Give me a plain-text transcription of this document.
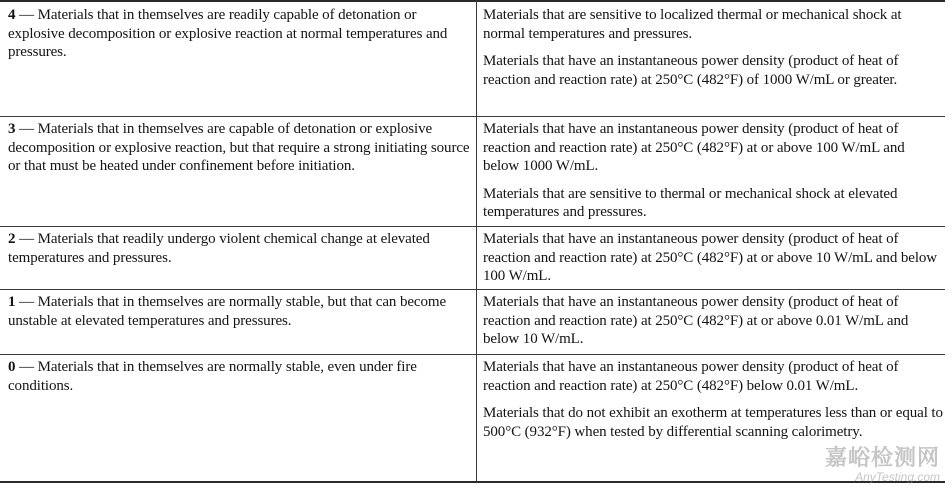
4 — Materials that in themselves are readily capable of detonation or explosive decomposition or explosive reaction at normal temperatures and pressures.

Materials that are sensitive to localized thermal or mechanical shock at normal temperatures and pressures.

Materials that have an instantaneous power density (product of heat of reaction and reaction rate) at 250°C (482°F) of 1000 W/mL or greater.

3 — Materials that in themselves are capable of detonation or explosive decomposition or explosive reaction, but that require a strong initiating source or that must be heated under confinement before initiation.

Materials that have an instantaneous power density (product of heat of reaction and reaction rate) at 250°C (482°F) at or above 100 W/mL and below 1000 W/mL.

Materials that are sensitive to thermal or mechanical shock at elevated temperatures and pressures.

2 — Materials that readily undergo violent chemical change at elevated temperatures and pressures.

Materials that have an instantaneous power density (product of heat of reaction and reaction rate) at 250°C (482°F) at or above 10 W/mL and below 100 W/mL.

1 — Materials that in themselves are normally stable, but that can become unstable at elevated temperatures and pressures.

Materials that have an instantaneous power density (product of heat of reaction and reaction rate) at 250°C (482°F) at or above 0.01 W/mL and below 10 W/mL.

0 — Materials that in themselves are normally stable, even under fire conditions.

Materials that have an instantaneous power density (product of heat of reaction and reaction rate) at 250°C (482°F) below 0.01 W/mL.

Materials that do not exhibit an exotherm at temperatures less than or equal to 500°C (932°F) when tested by differential scanning calorimetry.

嘉峪检测网
AnyTesting.com
